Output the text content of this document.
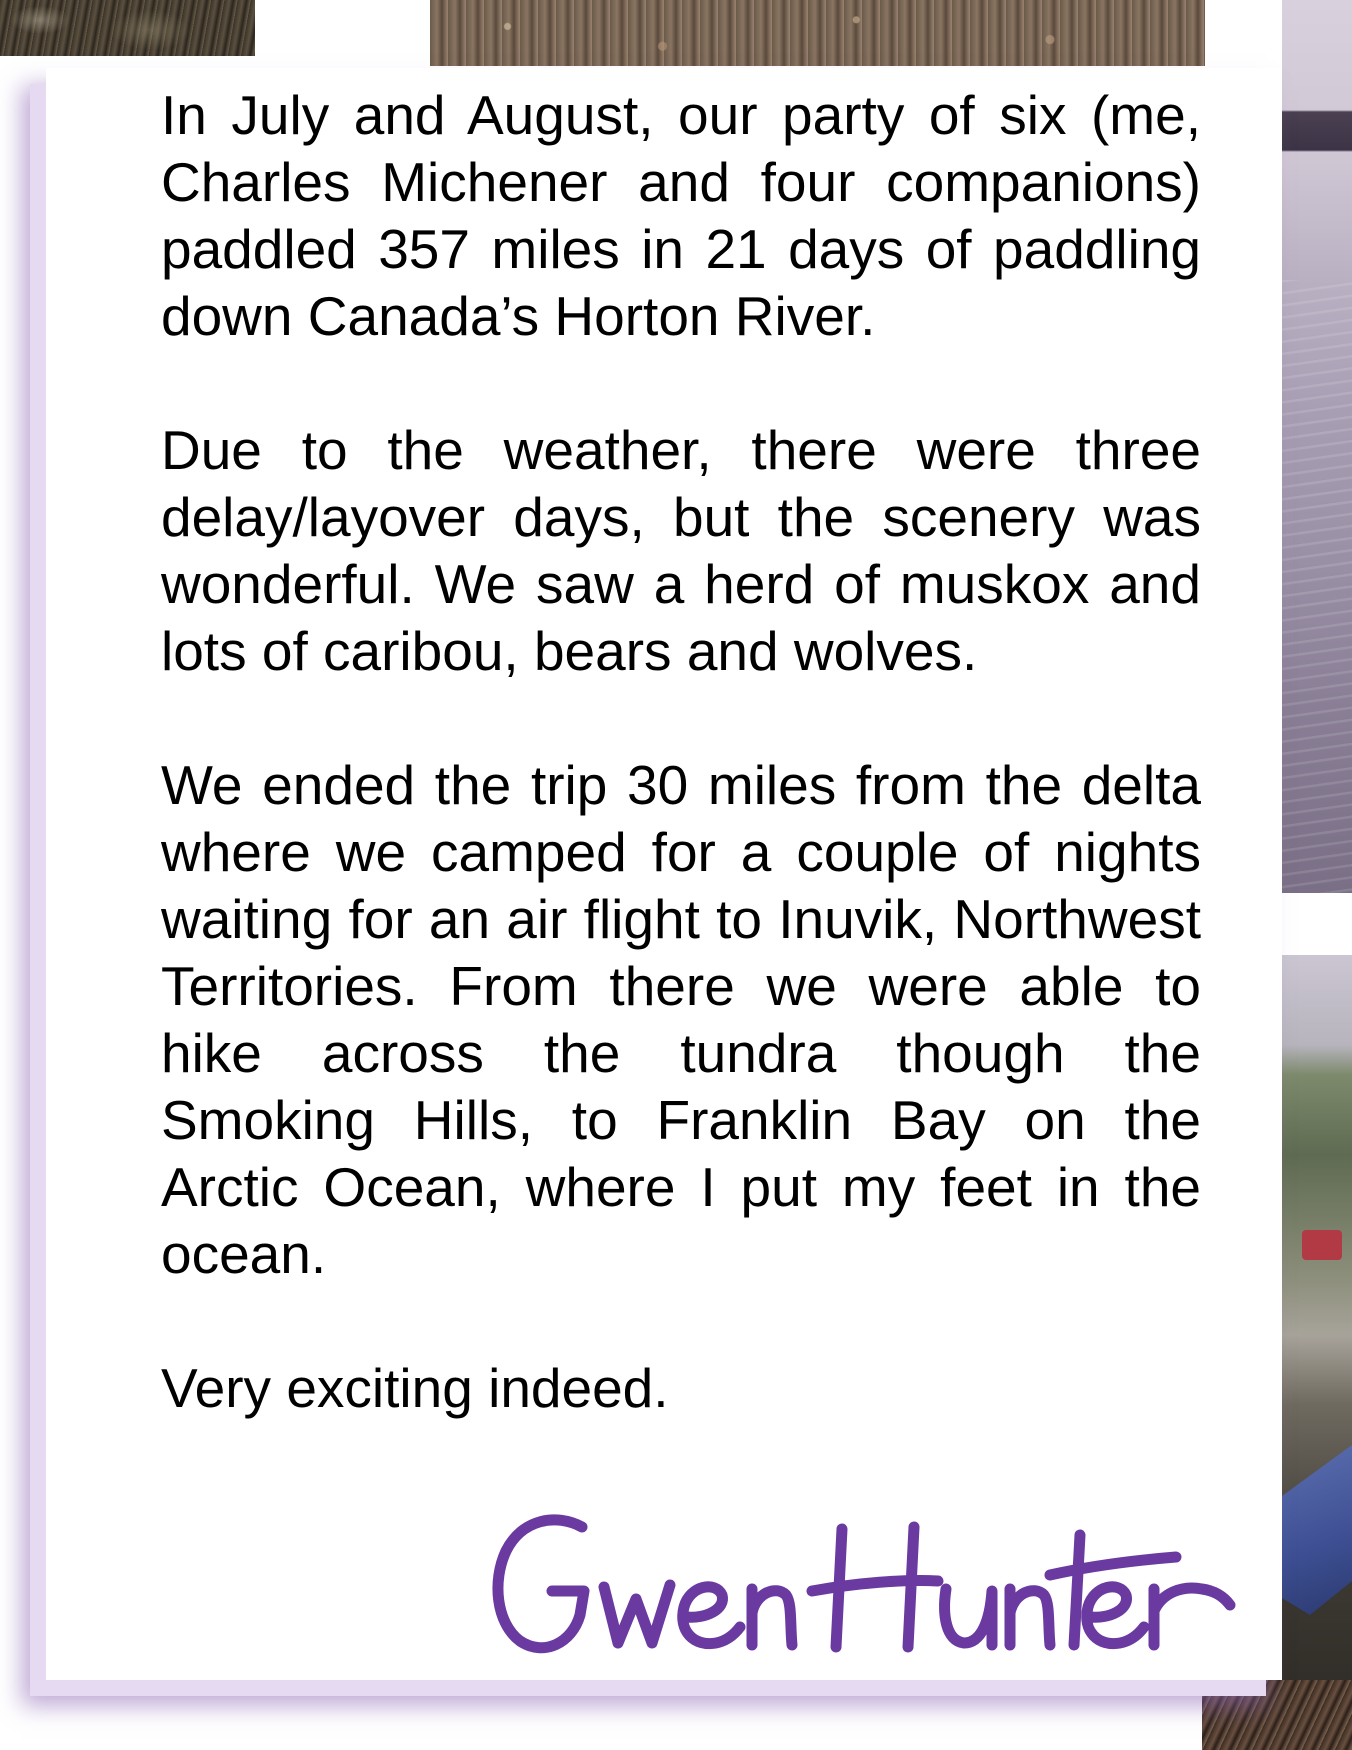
In July and August, our party of six (me, Charles Michener and four companions) paddled 357 miles in 21 days of paddling down Canada’s Horton River.

Due to the weather, there were three delay/layover days, but the scenery was wonderful. We saw a herd of muskox and lots of caribou, bears and wolves.

We ended the trip 30 miles from the delta where we camped for a couple of nights waiting for an air flight to Inuvik, Northwest Territories. From there we were able to hike across the tundra though the Smoking Hills, to Franklin Bay on the Arctic Ocean, where I put my feet in the ocean.

Very exciting indeed.
